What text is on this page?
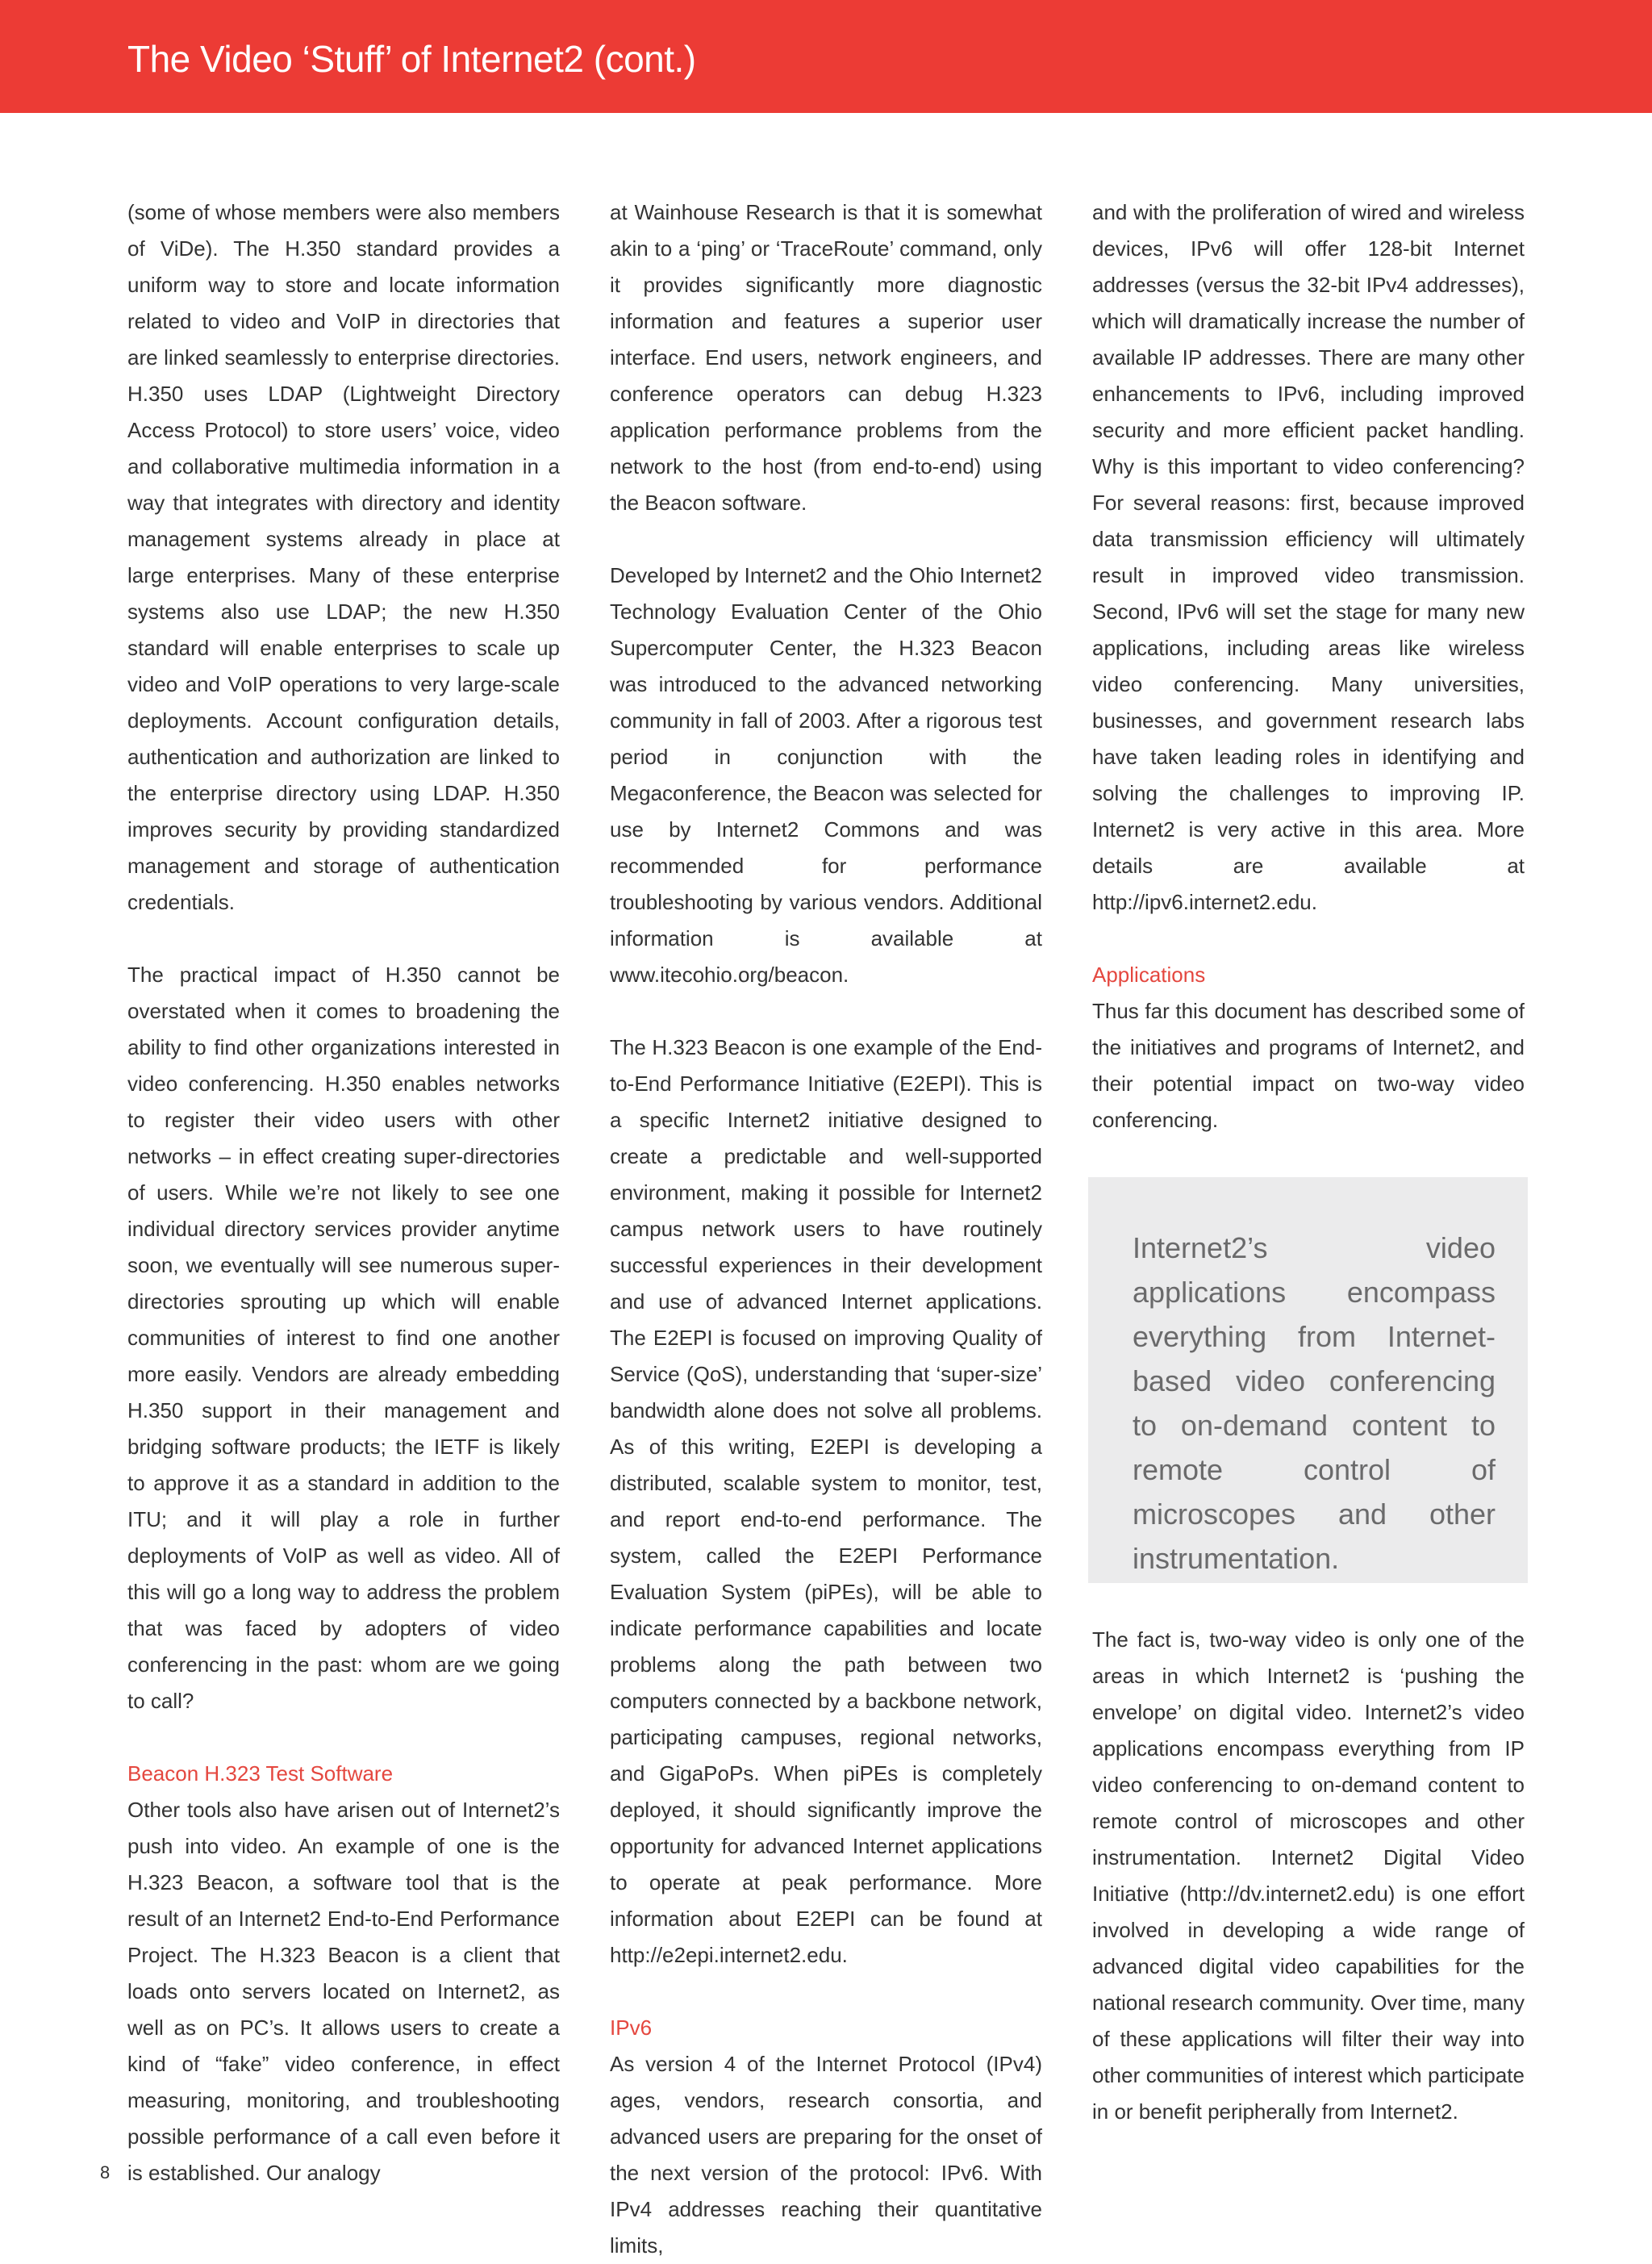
The Video ‘Stuff’ of Internet2 (cont.)

(some of whose members were also members of ViDe). The H.350 standard provides a uniform way to store and locate information related to video and VoIP in directories that are linked seamlessly to enterprise directories. H.350 uses LDAP (Lightweight Directory Access Protocol) to store users’ voice, video and collaborative multimedia information in a way that integrates with directory and identity management systems already in place at large enterprises. Many of these enterprise systems also use LDAP; the new H.350 standard will enable enterprises to scale up video and VoIP operations to very large-scale deployments. Account configuration details, authentication and authorization are linked to the enterprise directory using LDAP. H.350 improves security by providing standardized management and storage of authentication credentials.

The practical impact of H.350 cannot be overstated when it comes to broadening the ability to find other organizations interested in video conferencing. H.350 enables networks to register their video users with other networks – in effect creating super-directories of users. While we’re not likely to see one individual directory services provider anytime soon, we eventually will see numerous super-directories sprouting up which will enable communities of interest to find one another more easily. Vendors are already embedding H.350 support in their management and bridging software products; the IETF is likely to approve it as a standard in addition to the ITU; and it will play a role in further deployments of VoIP as well as video. All of this will go a long way to address the problem that was faced by adopters of video conferencing in the past: whom are we going to call?

Beacon H.323 Test Software

Other tools also have arisen out of Internet2’s push into video. An example of one is the H.323 Beacon, a software tool that is the result of an Internet2 End-to-End Performance Project. The H.323 Beacon is a client that loads onto servers located on Internet2, as well as on PC’s. It allows users to create a kind of “fake” video conference, in effect measuring, monitoring, and troubleshooting possible performance of a call even before it is established. Our analogy

at Wainhouse Research is that it is somewhat akin to a ‘ping’ or ‘TraceRoute’ command, only it provides significantly more diagnostic information and features a superior user interface. End users, network engineers, and conference operators can debug H.323 application performance problems from the network to the host (from end-to-end) using the Beacon software.

Developed by Internet2 and the Ohio Internet2 Technology Evaluation Center of the Ohio Supercomputer Center, the H.323 Beacon was introduced to the advanced networking community in fall of 2003. After a rigorous test period in conjunction with the Megaconference, the Beacon was selected for use by Internet2 Commons and was recommended for performance troubleshooting by various vendors. Additional information is available at www.itecohio.org/beacon.

The H.323 Beacon is one example of the End-to-End Performance Initiative (E2EPI). This is a specific Internet2 initiative designed to create a predictable and well-supported environment, making it possible for Internet2 campus network users to have routinely successful experiences in their development and use of advanced Internet applications. The E2EPI is focused on improving Quality of Service (QoS), understanding that ‘super-size’ bandwidth alone does not solve all problems. As of this writing, E2EPI is developing a distributed, scalable system to monitor, test, and report end-to-end performance. The system, called the E2EPI Performance Evaluation System (piPEs), will be able to indicate performance capabilities and locate problems along the path between two computers connected by a backbone network, participating campuses, regional networks, and GigaPoPs. When piPEs is completely deployed, it should significantly improve the opportunity for advanced Internet applications to operate at peak performance. More information about E2EPI can be found at http://e2epi.internet2.edu.

IPv6

As version 4 of the Internet Protocol (IPv4) ages, vendors, research consortia, and advanced users are preparing for the onset of the next version of the protocol: IPv6. With IPv4 addresses reaching their quantitative limits,

and with the proliferation of wired and wireless devices, IPv6 will offer 128-bit Internet addresses (versus the 32-bit IPv4 addresses), which will dramatically increase the number of available IP addresses. There are many other enhancements to IPv6, including improved security and more efficient packet handling. Why is this important to video conferencing? For several reasons: first, because improved data transmission efficiency will ultimately result in improved video transmission. Second, IPv6 will set the stage for many new applications, including areas like wireless video conferencing. Many universities, businesses, and government research labs have taken leading roles in identifying and solving the challenges to improving IP. Internet2 is very active in this area. More details are available at http://ipv6.internet2.edu.

Applications

Thus far this document has described some of the initiatives and programs of Internet2, and their potential impact on two-way video conferencing.

Internet2’s video applications encompass everything from Internet-based video conferencing to on-demand content to remote control of microscopes and other instrumentation.

The fact is, two-way video is only one of the areas in which Internet2 is ‘pushing the envelope’ on digital video. Internet2’s video applications encompass everything from IP video conferencing to on-demand content to remote control of microscopes and other instrumentation. Internet2 Digital Video Initiative (http://dv.internet2.edu) is one effort involved in developing a wide range of advanced digital video capabilities for the national research community. Over time, many of these applications will filter their way into other communities of interest which participate in or benefit peripherally from Internet2.

8
